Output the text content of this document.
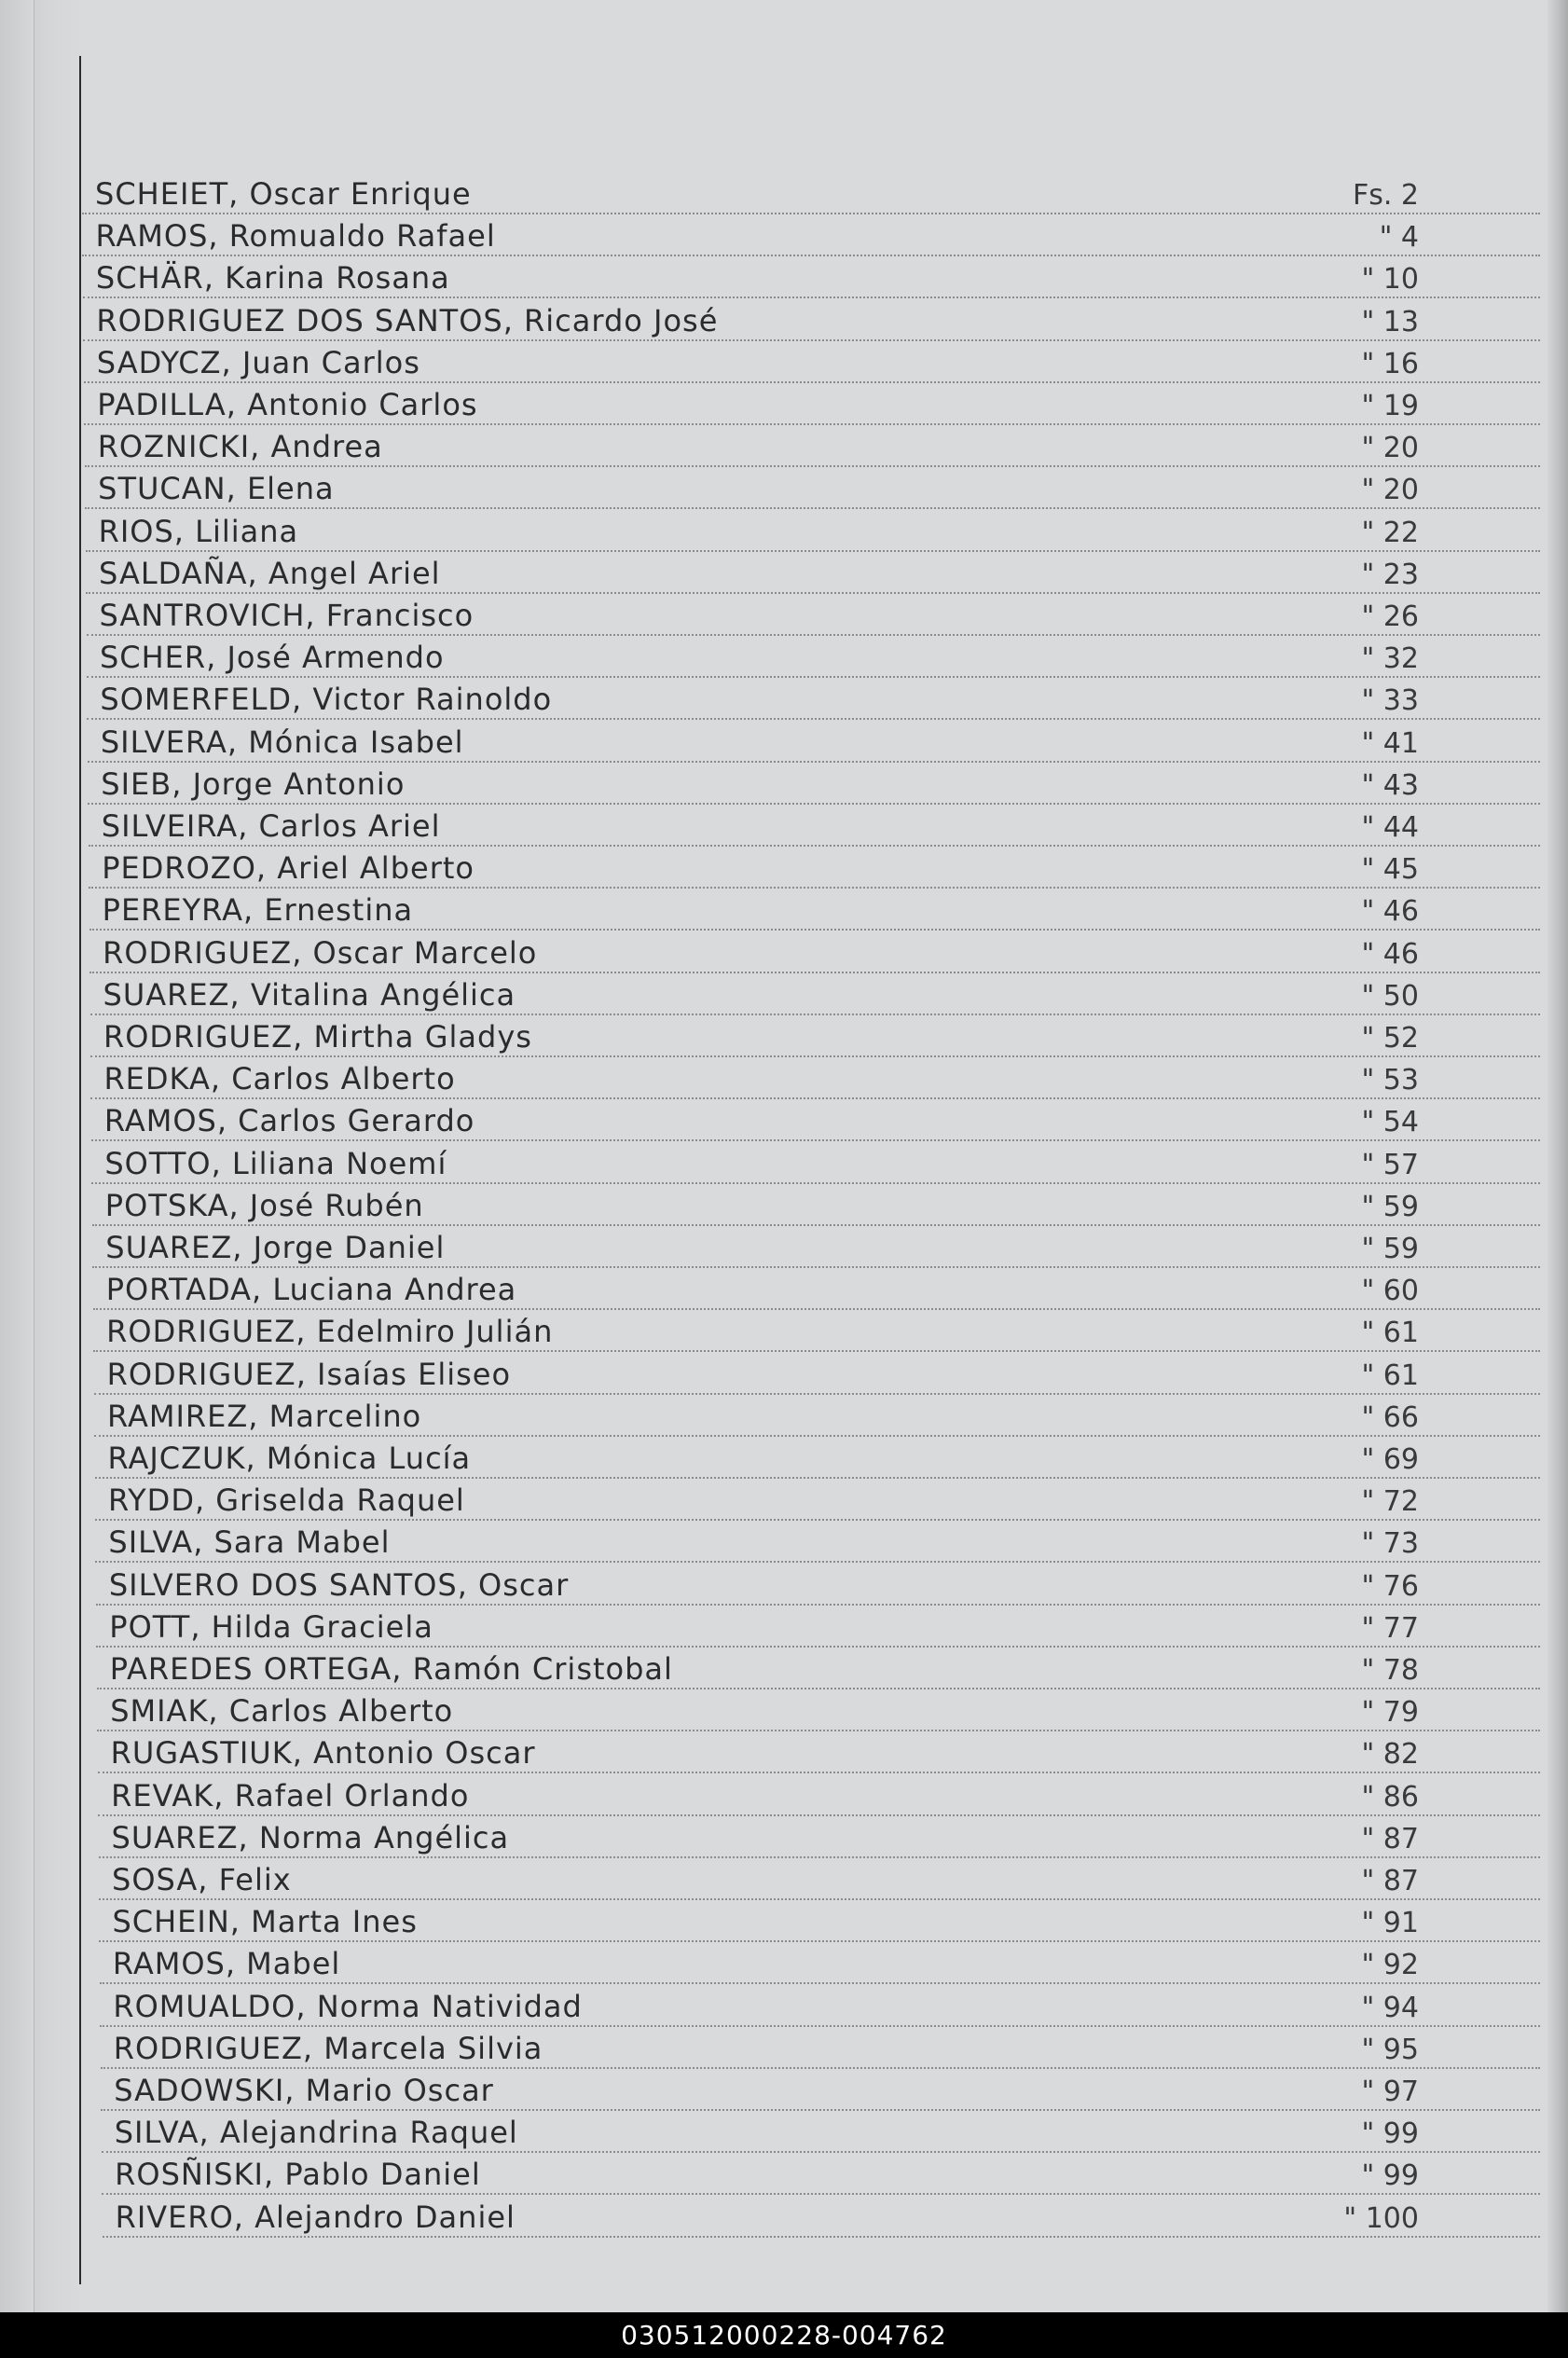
SCHEIET, Oscar Enrique	Fs. 2
RAMOS, Romualdo Rafael	" 4
SCHÄR, Karina Rosana	" 10
RODRIGUEZ DOS SANTOS, Ricardo José	" 13
SADYCZ, Juan Carlos	" 16
PADILLA, Antonio Carlos	" 19
ROZNICKI, Andrea	" 20
STUCAN, Elena	" 20
RIOS, Liliana	" 22
SALDAÑA, Angel Ariel	" 23
SANTROVICH, Francisco	" 26
SCHER, José Armendo	" 32
SOMERFELD, Victor Rainoldo	" 33
SILVERA, Mónica Isabel	" 41
SIEB, Jorge Antonio	" 43
SILVEIRA, Carlos Ariel	" 44
PEDROZO, Ariel Alberto	" 45
PEREYRA, Ernestina	" 46
RODRIGUEZ, Oscar Marcelo	" 46
SUAREZ, Vitalina Angélica	" 50
RODRIGUEZ, Mirtha Gladys	" 52
REDKA, Carlos Alberto	" 53
RAMOS, Carlos Gerardo	" 54
SOTTO, Liliana Noemí	" 57
POTSKA, José Rubén	" 59
SUAREZ, Jorge Daniel	" 59
PORTADA, Luciana Andrea	" 60
RODRIGUEZ, Edelmiro Julián	" 61
RODRIGUEZ, Isaías Eliseo	" 61
RAMIREZ, Marcelino	" 66
RAJCZUK, Mónica Lucía	" 69
RYDD, Griselda Raquel	" 72
SILVA, Sara Mabel	" 73
SILVERO DOS SANTOS, Oscar	" 76
POTT, Hilda Graciela	" 77
PAREDES ORTEGA, Ramón Cristobal	" 78
SMIAK, Carlos Alberto	" 79
RUGASTIUK, Antonio Oscar	" 82
REVAK, Rafael Orlando	" 86
SUAREZ, Norma Angélica	" 87
SOSA, Felix	" 87
SCHEIN, Marta Ines	" 91
RAMOS, Mabel	" 92
ROMUALDO, Norma Natividad	" 94
RODRIGUEZ, Marcela Silvia	" 95
SADOWSKI, Mario Oscar	" 97
SILVA, Alejandrina Raquel	" 99
ROSÑISKI, Pablo Daniel	" 99
RIVERO, Alejandro Daniel	" 100
030512000228-004762
